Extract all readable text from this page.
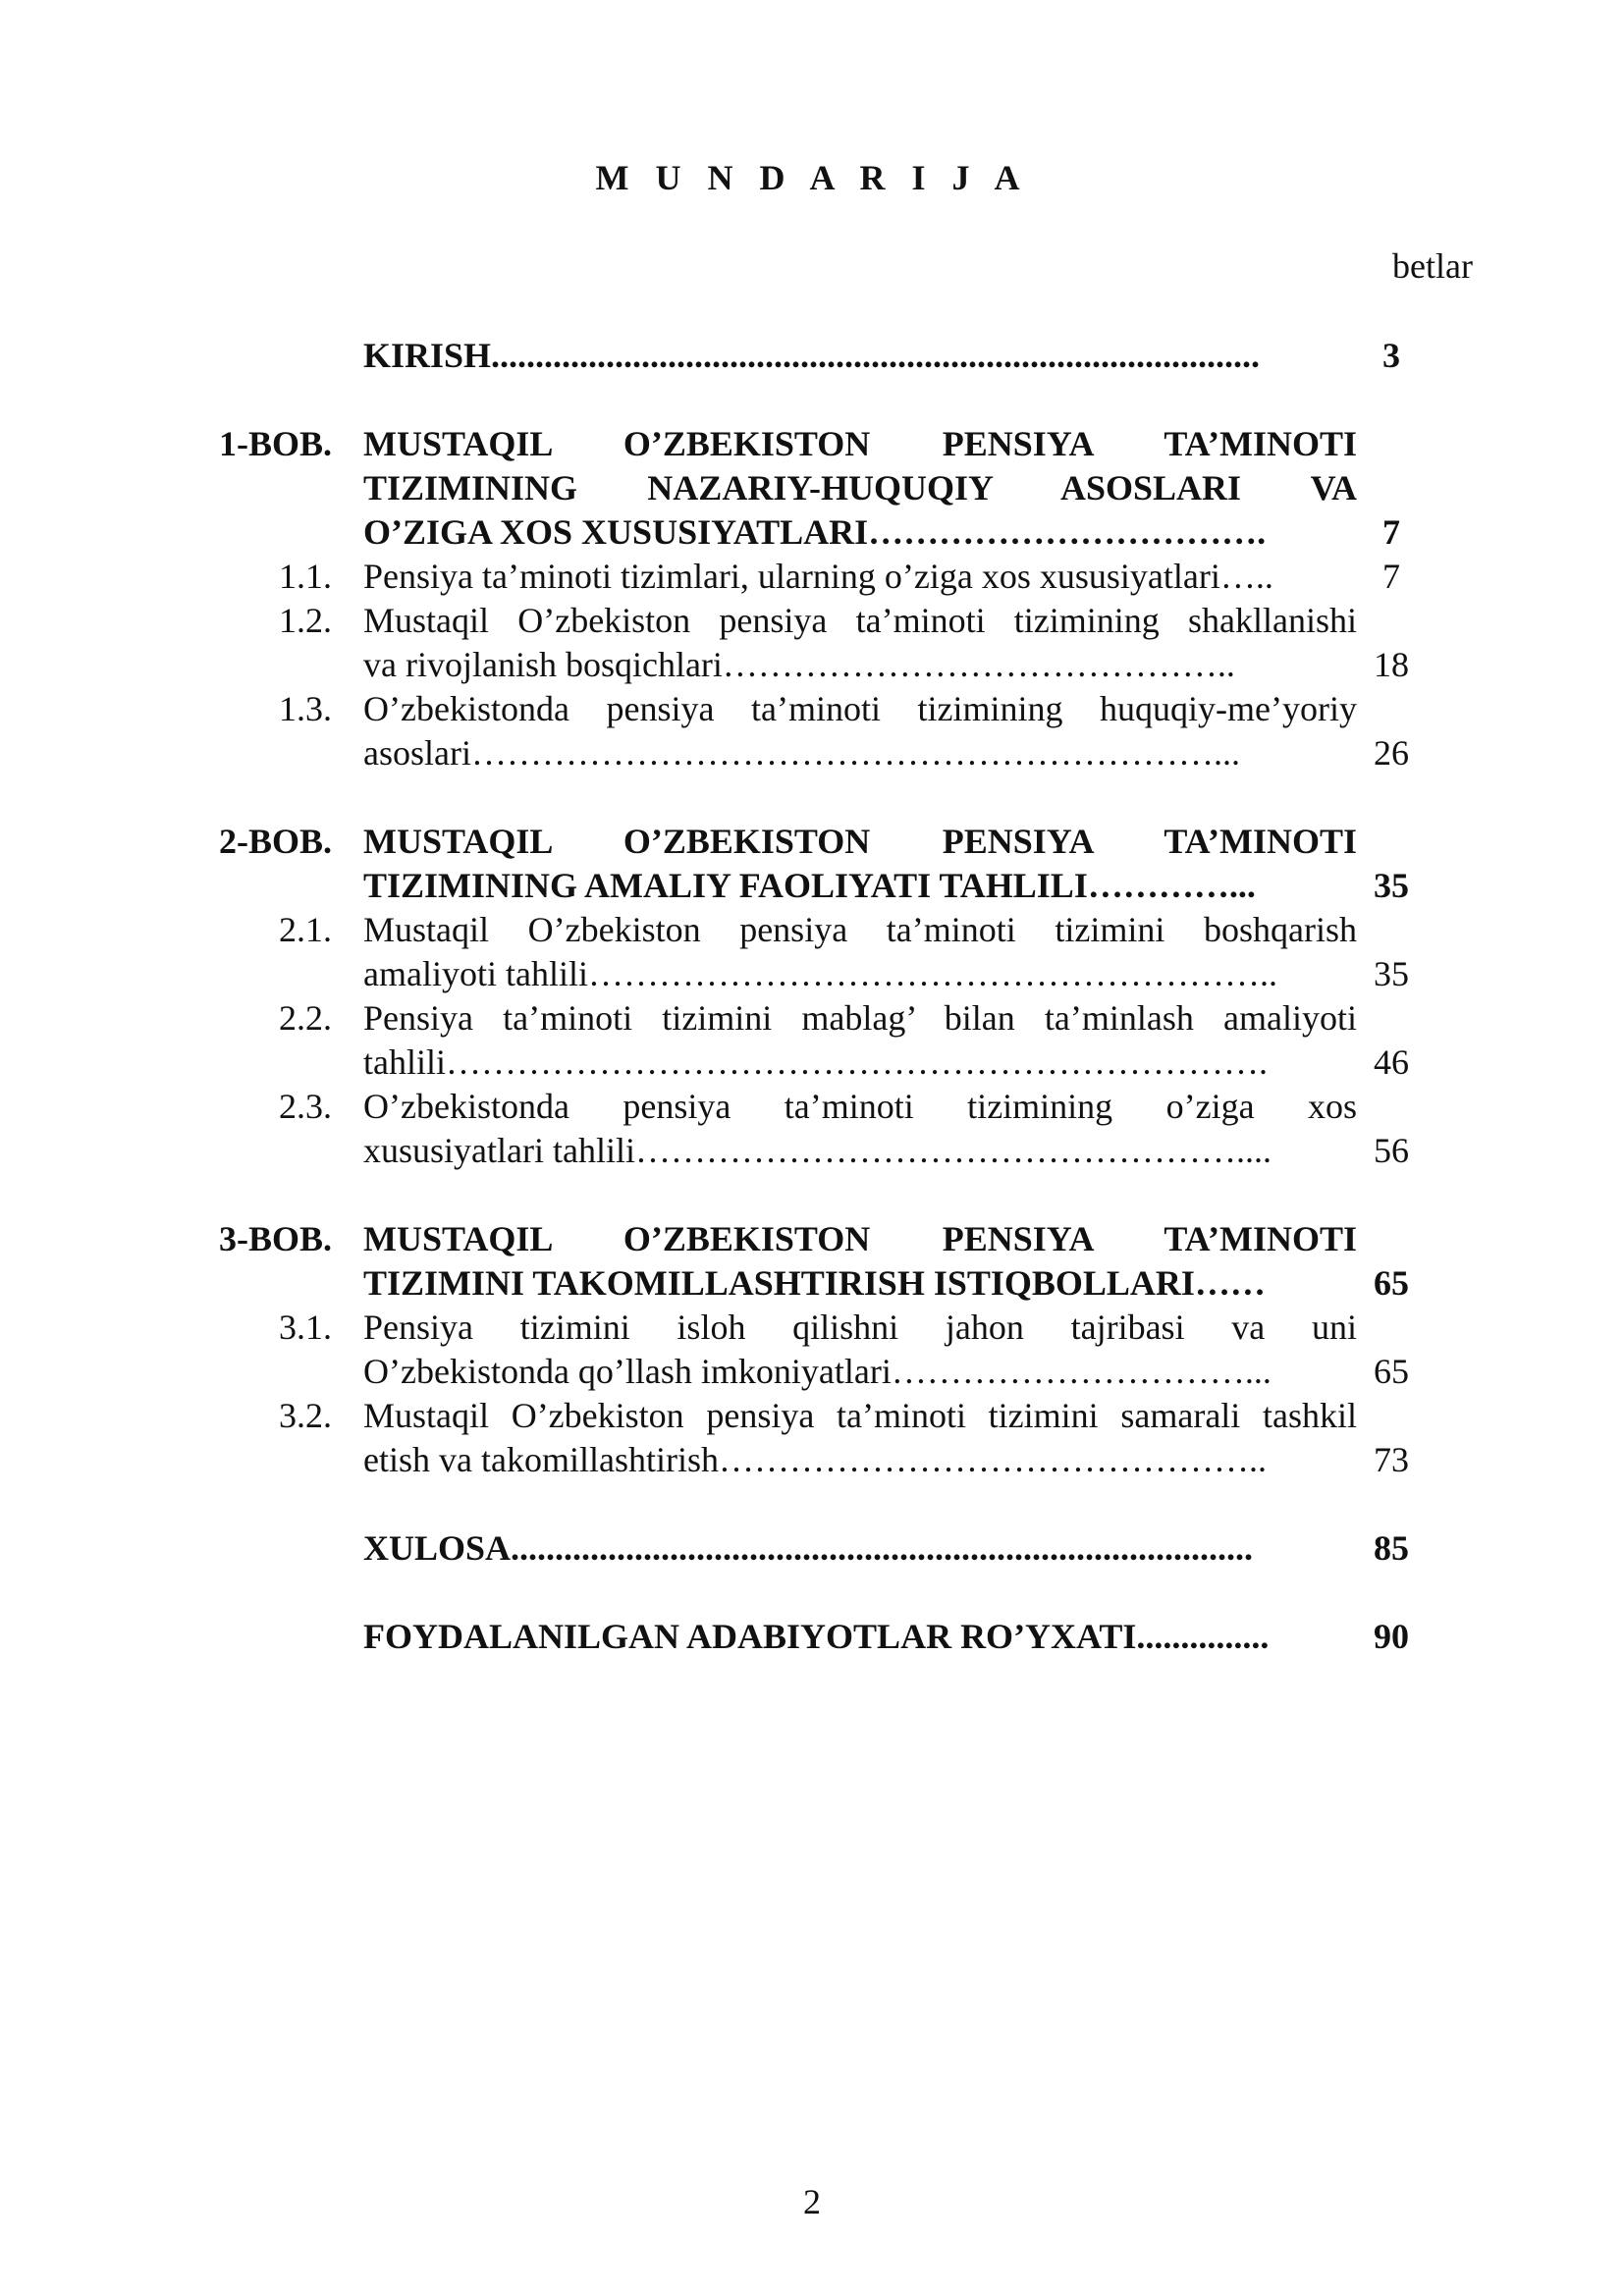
M U N D A R I J A
betlar
KIRISH.......................................................................................	3
1-BOB. MUSTAQIL O’ZBEKISTON PENSIYA TA’MINOTI
TIZIMINING NAZARIY-HUQUQIY ASOSLARI VA
O’ZIGA XOS XUSUSIYATLARI…………………………….	7
1.1. Pensiya ta’minoti tizimlari, ularning o’ziga xos xususiyatlari…..	7
1.2. Mustaqil O’zbekiston pensiya ta’minoti tizimining shakllanishi
va rivojlanish bosqichlari……………………………………..	18
1.3. O’zbekistonda pensiya ta’minoti tizimining huquqiy-me’yoriy
asoslari………………………………………………………...	26
2-BOB. MUSTAQIL O’ZBEKISTON PENSIYA TA’MINOTI
TIZIMINING AMALIY FAOLIYATI TAHLILI…………...	35
2.1. Mustaqil O’zbekiston pensiya ta’minoti tizimini boshqarish
amaliyoti tahlili…………………………………………………..	35
2.2. Pensiya ta’minoti tizimini mablag’ bilan ta’minlash amaliyoti
tahlili…………………………………………………………….	46
2.3. O’zbekistonda pensiya ta’minoti tizimining o’ziga xos
xususiyatlari tahlili……………………………………………....	56
3-BOB. MUSTAQIL O’ZBEKISTON PENSIYA TA’MINOTI
TIZIMINI TAKOMILLASHTIRISH ISTIQBOLLARI……	65
3.1. Pensiya tizimini isloh qilishni jahon tajribasi va uni
O’zbekistonda qo’llash imkoniyatlari…………………………...	65
3.2. Mustaqil O’zbekiston pensiya ta’minoti tizimini samarali tashkil
etish va takomillashtirish………………………………………..	73
XULOSA....................................................................................	85
FOYDALANILGAN ADABIYOTLAR RO’YXATI...............	90
2
